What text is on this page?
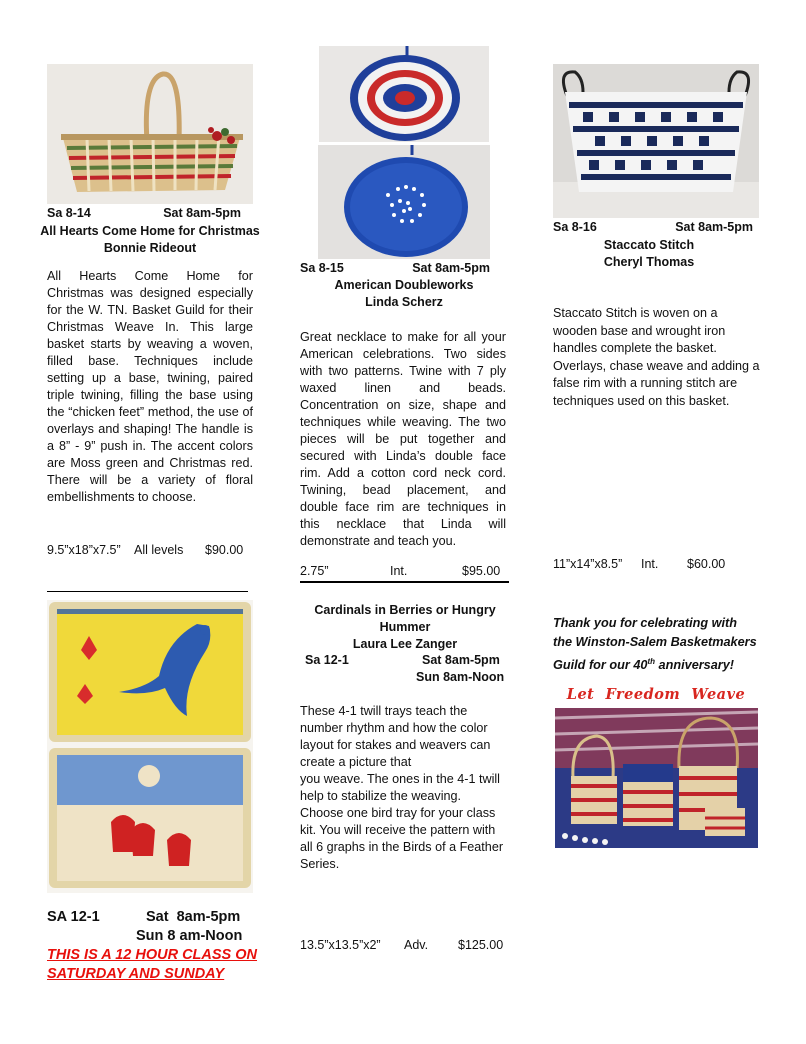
Sa 8-14	Sat 8am-5pm
All Hearts Come Home for Christmas
Bonnie Rideout
All Hearts Come Home for Christmas was designed especially for the W. TN. Basket Guild for their Christmas Weave In. This large basket starts by weaving a woven, filled base. Techniques include setting up a base, twining, paired triple twining, filling the base using the “chicken feet” method, the use of overlays and shaping! The handle is a 8” - 9” push in. The accent colors are Moss green and Christmas red. There will be a variety of floral embellishments to choose.
9.5”x18”x7.5” All levels $90.00
SA 12-1	Sat  8am-5pm
Sun 8 am-Noon
THIS IS A 12 HOUR CLASS ON
SATURDAY AND SUNDAY
Sa 8-15	Sat 8am-5pm
American Doubleworks
Linda Scherz
Great necklace to make for all your American celebrations. Two sides with two patterns. Twine with 7 ply waxed linen and beads. Concentration on size, shape and techniques while weaving. The two pieces will be put together and secured with Linda’s double face rim. Add a cotton cord neck cord. Twining, bead placement, and double face rim are techniques in this necklace that Linda will demonstrate and teach you.
2.75”	Int.	$95.00
Cardinals in Berries or Hungry
Hummer
Laura Lee Zanger
Sa 12-1	Sat 8am-5pm
Sun 8am-Noon
These 4-1 twill trays teach the
number rhythm and how the color
layout for stakes and weavers can
create a picture that
you weave. The ones in the 4-1 twill
help to stabilize the weaving.
Choose one bird tray for your class
kit. You will receive the pattern with
all 6 graphs in the Birds of a Feather
Series.
13.5”x13.5”x2” Adv. $125.00
Sa 8-16	Sat 8am-5pm
Staccato Stitch
Cheryl Thomas
Staccato Stitch is woven on a
wooden base and wrought iron
handles complete the basket.
Overlays, chase weave and adding a
false rim with a running stitch are
techniques used on this basket.
11”x14”x8.5” Int. $60.00
Thank you for celebrating with
the Winston-Salem Basketmakers
Guild for our 40th anniversary!
Let  Freedom  Weave
